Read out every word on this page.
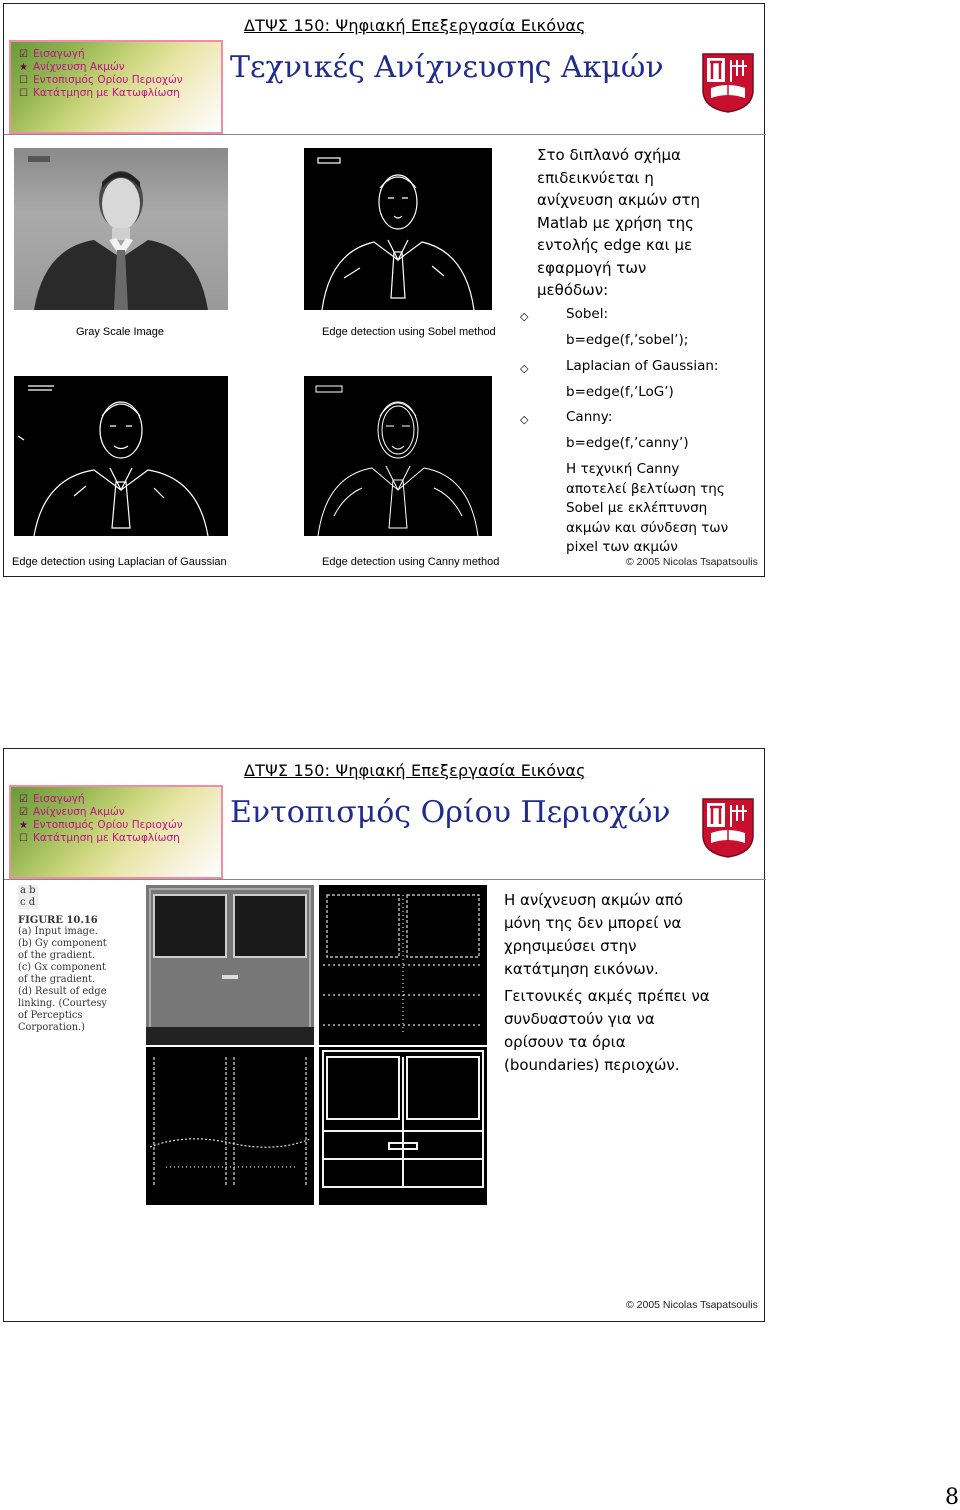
ΔΤΨΣ 150: Ψηφιακή Επεξεργασία Εικόνας
☑ Εισαγωγή
★ Ανίχνευση Ακμών
☐ Εντοπισμός Ορίου Περιοχών
☐ Κατάτμηση με Κατωφλίωση
Τεχνικές Ανίχνευσης Ακμών
Gray Scale Image	Edge detection using Sobel method
Edge detection using Laplacian of Gaussian	Edge detection using Canny method
Στο διπλανό σχήμα
επιδεικνύεται η
ανίχνευση ακμών στη
Matlab με χρήση της
εντολής edge και με
εφαρμογή των
μεθόδων:
◇	Sobel:
b=edge(f,’sobel’);
◇	Laplacian of Gaussian:
b=edge(f,’LoG’)
◇	Canny:
b=edge(f,’canny’)
Η τεχνική Canny
αποτελεί βελτίωση της
Sobel με εκλέπτυνση
ακμών και σύνδεση των
pixel των ακμών
© 2005 Nicolas Tsapatsoulis
ΔΤΨΣ 150: Ψηφιακή Επεξεργασία Εικόνας
☑ Εισαγωγή
☑ Ανίχνευση Ακμών
★ Εντοπισμός Ορίου Περιοχών
☐ Κατάτμηση με Κατωφλίωση
Εντοπισμός Ορίου Περιοχών
a b
c d
FIGURE 10.16
(a) Input image.
(b) Gy component
of the gradient.
(c) Gx component
of the gradient.
(d) Result of edge
linking. (Courtesy
of Perceptics
Corporation.)
Η ανίχνευση ακμών από
μόνη της δεν μπορεί να
χρησιμεύσει στην
κατάτμηση εικόνων.
Γειτονικές ακμές πρέπει να
συνδυαστούν για να
ορίσουν τα όρια
(boundaries) περιοχών.
© 2005 Nicolas Tsapatsoulis
8
